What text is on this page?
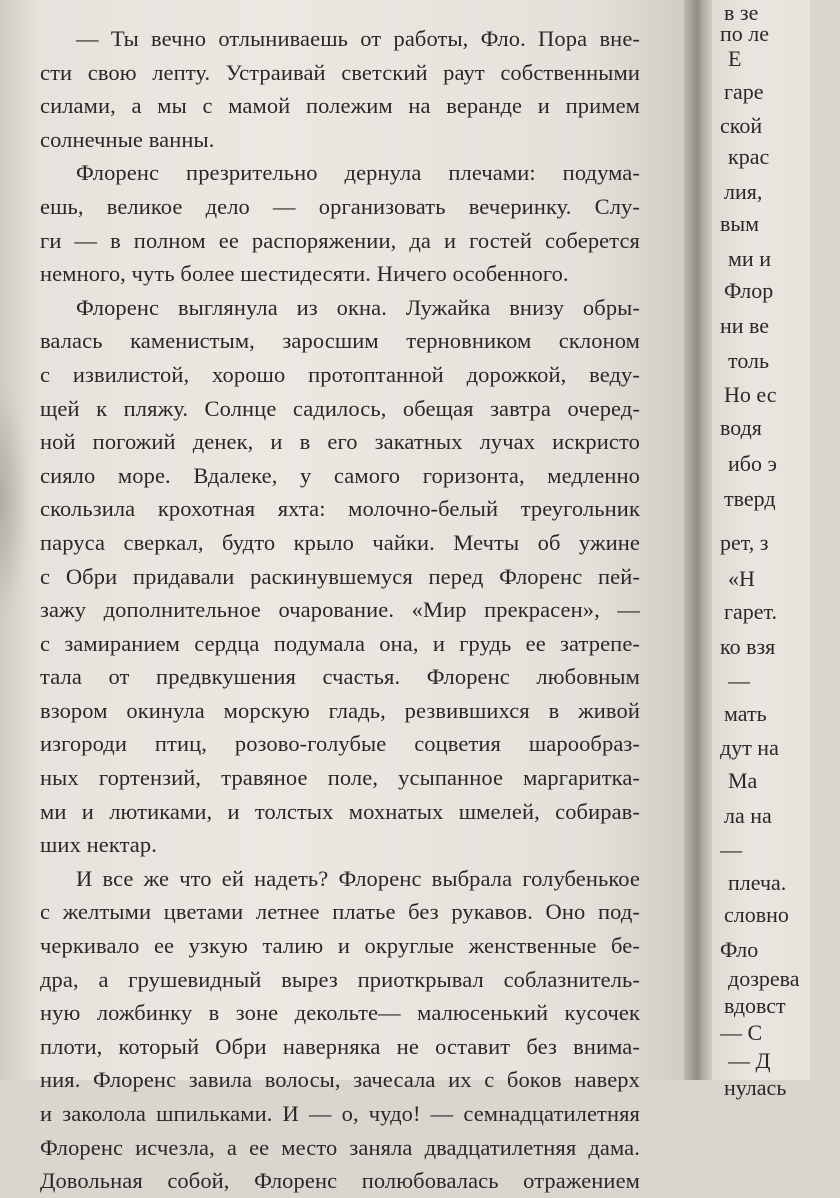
— Ты вечно отлыниваешь от работы, Фло. Пора вне-
сти свою лепту. Устраивай светский раут собственными
силами, а мы с мамой полежим на веранде и примем
солнечные ванны.
Флоренс презрительно дернула плечами: подума-
ешь, великое дело — организовать вечеринку. Слу-
ги — в полном ее распоряжении, да и гостей соберется
немного, чуть более шестидесяти. Ничего особенного.
Флоренс выглянула из окна. Лужайка внизу обры-
валась каменистым, заросшим терновником склоном
с извилистой, хорошо протоптанной дорожкой, веду-
щей к пляжу. Солнце садилось, обещая завтра очеред-
ной погожий денек, и в его закатных лучах искристо
сияло море. Вдалеке, у самого горизонта, медленно
скользила крохотная яхта: молочно-белый треугольник
паруса сверкал, будто крыло чайки. Мечты об ужине
с Обри придавали раскинувшемуся перед Флоренс пей-
зажу дополнительное очарование. «Мир прекрасен», —
с замиранием сердца подумала она, и грудь ее затрепе-
тала от предвкушения счастья. Флоренс любовным
взором окинула морскую гладь, резвившихся в живой
изгороди птиц, розово-голубые соцветия шарообраз-
ных гортензий, травяное поле, усыпанное маргаритка-
ми и лютиками, и толстых мохнатых шмелей, собирав-
ших нектар.
И все же что ей надеть? Флоренс выбрала голубенькое
с желтыми цветами летнее платье без рукавов. Оно под-
черкивало ее узкую талию и округлые женственные бе-
дра, а грушевидный вырез приоткрывал соблазнитель-
ную ложбинку в зоне декольте— малюсенький кусочек
плоти, который Обри наверняка не оставит без внима-
ния. Флоренс завила волосы, зачесала их с боков наверх
и заколола шпильками. И — о, чудо! — семнадцатилетняя
Флоренс исчезла, а ее место заняла двадцатилетняя дама.
Довольная собой, Флоренс полюбовалась отражением
в зе
по ле
Е
гаре
ской
крас
лия,
вым
ми и
Флор
ни ве
толь
Но ес
водя
ибо э
тверд
рет, з
«Н
гарет.
ко взя
—
мать
дут на
Ма
ла на
—
плеча.
словно
Фло
дозрева
вдовст
— С
— Д
нулась
